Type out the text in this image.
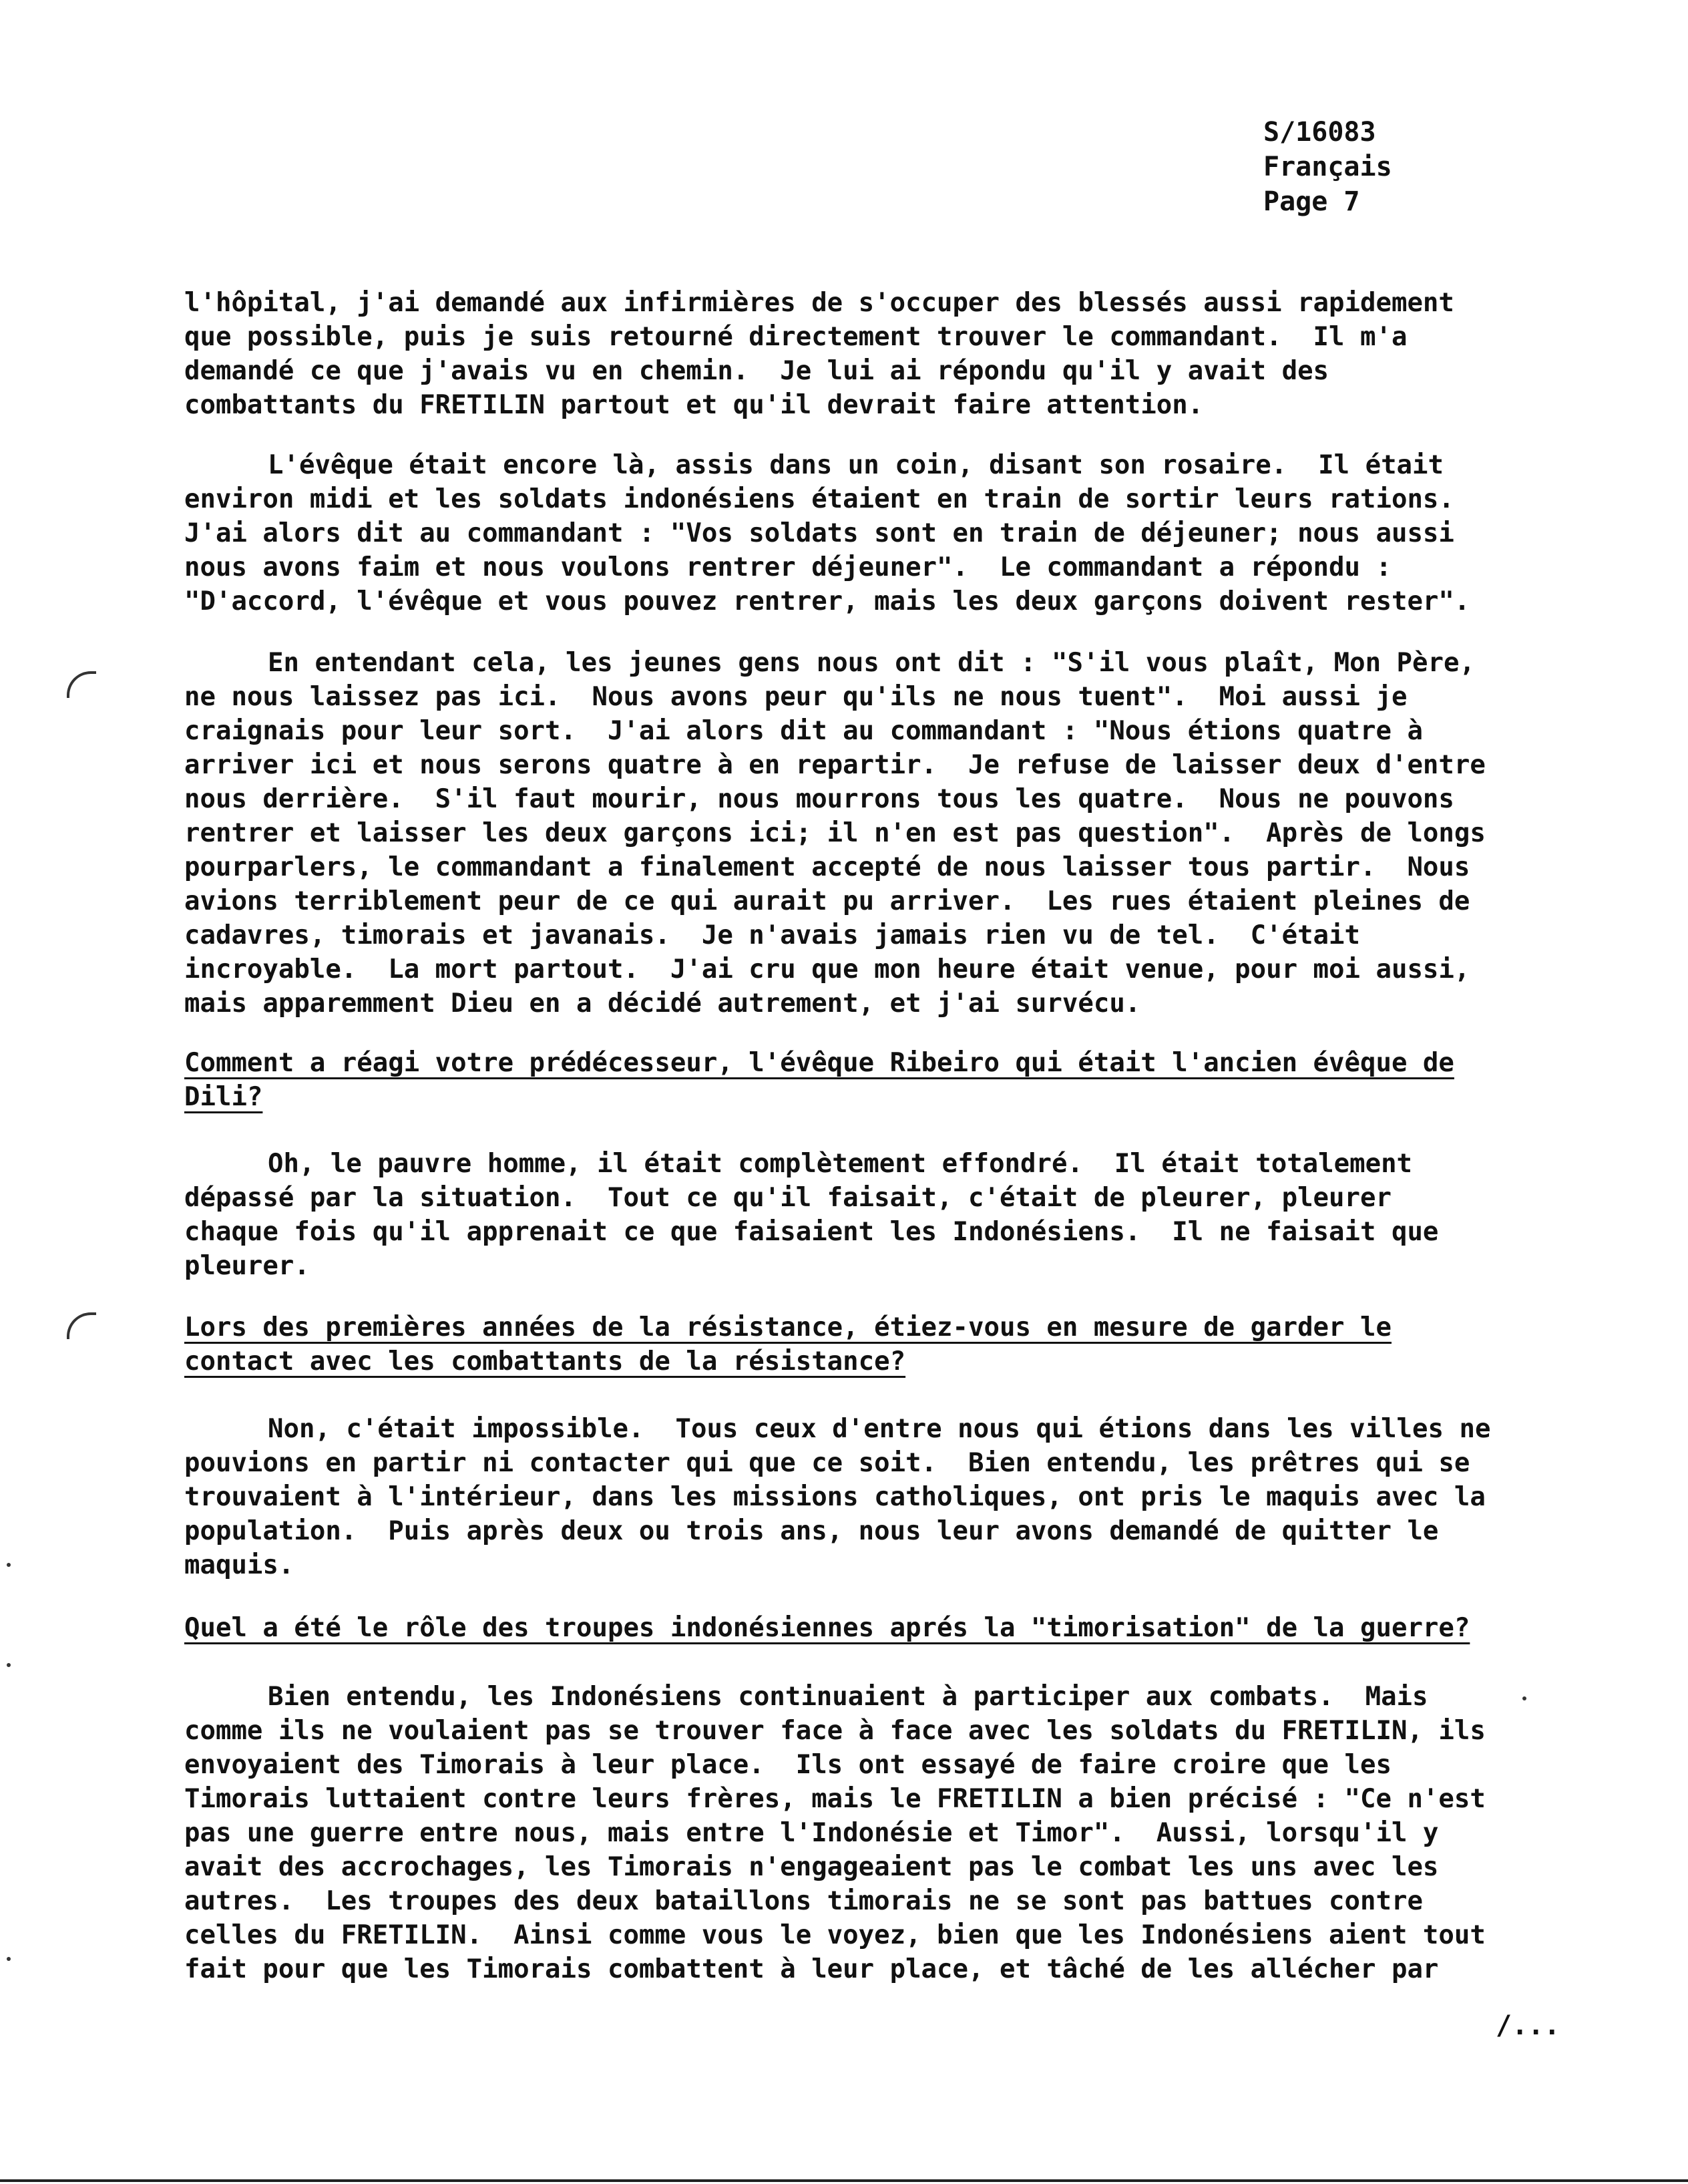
S/16083
Français
Page 7
l'hôpital, j'ai demandé aux infirmières de s'occuper des blessés aussi rapidement
que possible, puis je suis retourné directement trouver le commandant.  Il m'a
demandé ce que j'avais vu en chemin.  Je lui ai répondu qu'il y avait des
combattants du FRETILIN partout et qu'il devrait faire attention.
L'évêque était encore là, assis dans un coin, disant son rosaire.  Il était
environ midi et les soldats indonésiens étaient en train de sortir leurs rations.
J'ai alors dit au commandant : "Vos soldats sont en train de déjeuner; nous aussi
nous avons faim et nous voulons rentrer déjeuner".  Le commandant a répondu :
"D'accord, l'évêque et vous pouvez rentrer, mais les deux garçons doivent rester".
En entendant cela, les jeunes gens nous ont dit : "S'il vous plaît, Mon Père,
ne nous laissez pas ici.  Nous avons peur qu'ils ne nous tuent".  Moi aussi je
craignais pour leur sort.  J'ai alors dit au commandant : "Nous étions quatre à
arriver ici et nous serons quatre à en repartir.  Je refuse de laisser deux d'entre
nous derrière.  S'il faut mourir, nous mourrons tous les quatre.  Nous ne pouvons
rentrer et laisser les deux garçons ici; il n'en est pas question".  Après de longs
pourparlers, le commandant a finalement accepté de nous laisser tous partir.  Nous
avions terriblement peur de ce qui aurait pu arriver.  Les rues étaient pleines de
cadavres, timorais et javanais.  Je n'avais jamais rien vu de tel.  C'était
incroyable.  La mort partout.  J'ai cru que mon heure était venue, pour moi aussi,
mais apparemment Dieu en a décidé autrement, et j'ai survécu.
Comment a réagi votre prédécesseur, l'évêque Ribeiro qui était l'ancien évêque de
Dili?
Oh, le pauvre homme, il était complètement effondré.  Il était totalement
dépassé par la situation.  Tout ce qu'il faisait, c'était de pleurer, pleurer
chaque fois qu'il apprenait ce que faisaient les Indonésiens.  Il ne faisait que
pleurer.
Lors des premières années de la résistance, étiez-vous en mesure de garder le
contact avec les combattants de la résistance?
Non, c'était impossible.  Tous ceux d'entre nous qui étions dans les villes ne
pouvions en partir ni contacter qui que ce soit.  Bien entendu, les prêtres qui se
trouvaient à l'intérieur, dans les missions catholiques, ont pris le maquis avec la
population.  Puis après deux ou trois ans, nous leur avons demandé de quitter le
maquis.
Quel a été le rôle des troupes indonésiennes aprés la "timorisation" de la guerre?
Bien entendu, les Indonésiens continuaient à participer aux combats.  Mais
comme ils ne voulaient pas se trouver face à face avec les soldats du FRETILIN, ils
envoyaient des Timorais à leur place.  Ils ont essayé de faire croire que les
Timorais luttaient contre leurs frères, mais le FRETILIN a bien précisé : "Ce n'est
pas une guerre entre nous, mais entre l'Indonésie et Timor".  Aussi, lorsqu'il y
avait des accrochages, les Timorais n'engageaient pas le combat les uns avec les
autres.  Les troupes des deux bataillons timorais ne se sont pas battues contre
celles du FRETILIN.  Ainsi comme vous le voyez, bien que les Indonésiens aient tout
fait pour que les Timorais combattent à leur place, et tâché de les allécher par
/...
